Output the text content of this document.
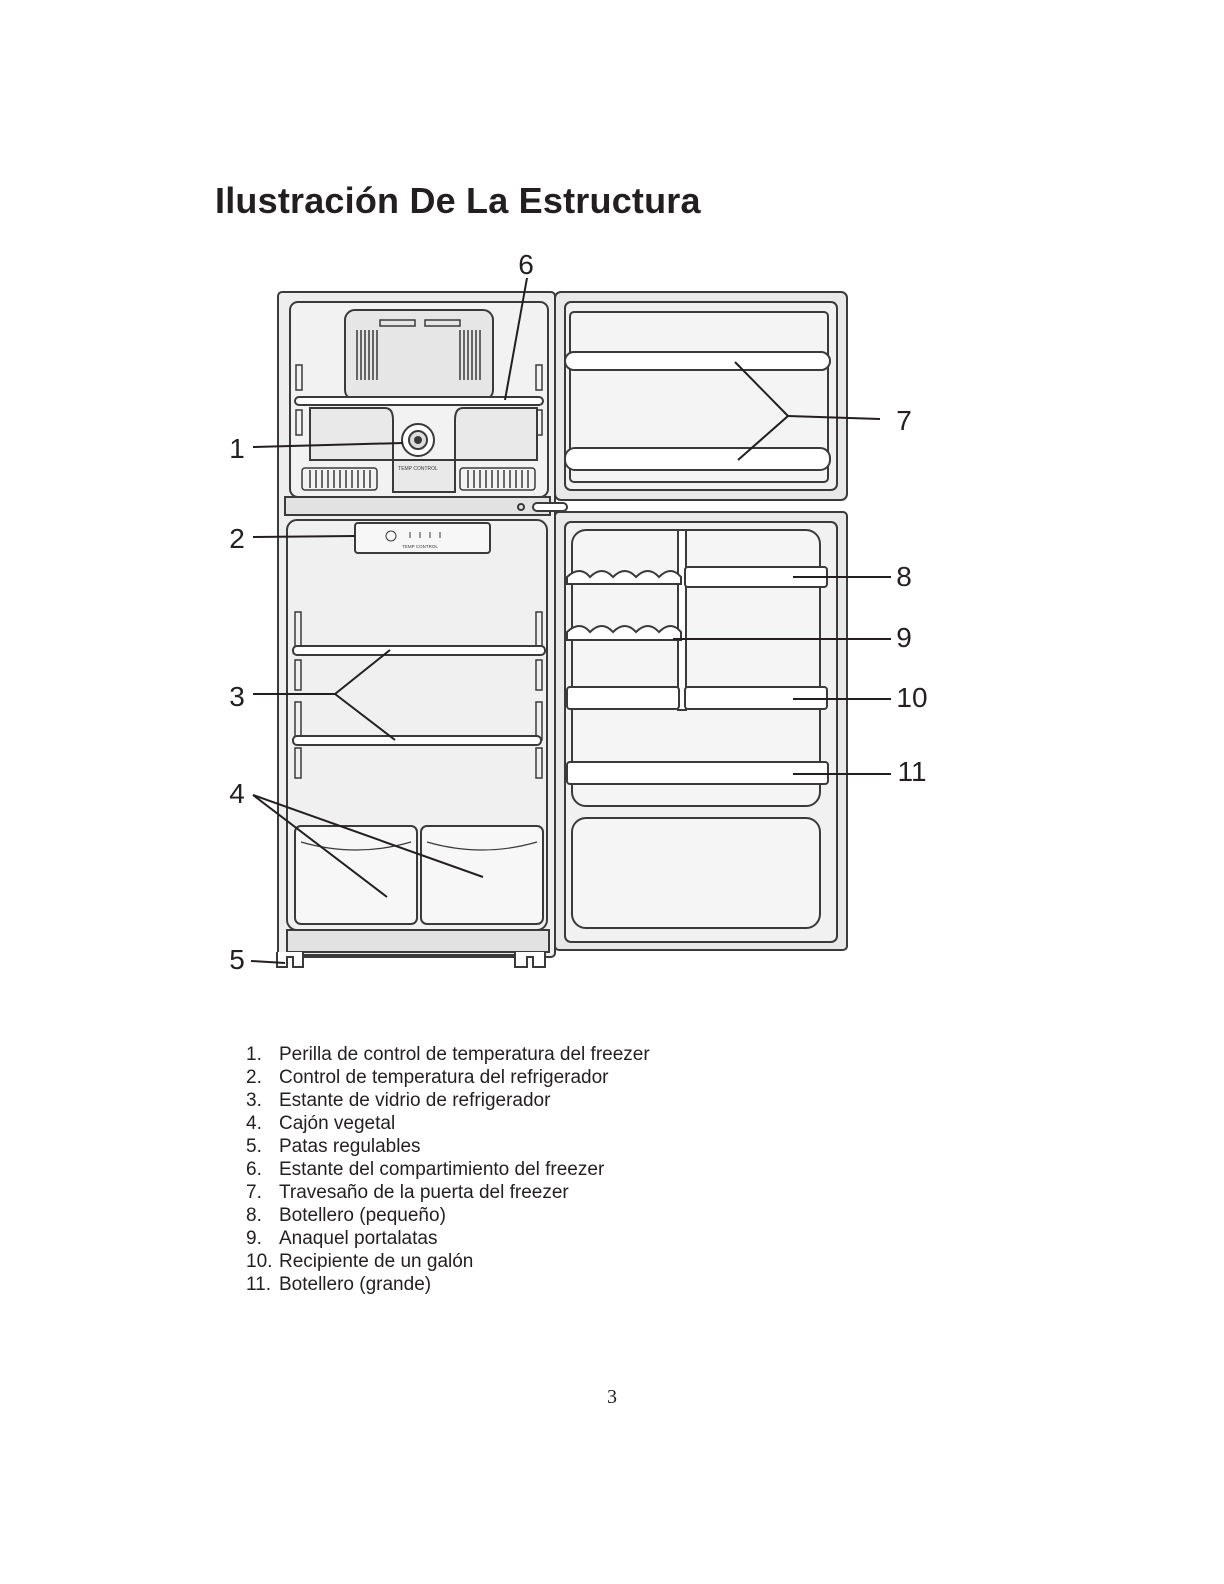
Ilustración De La Estructura
TEMP CONTROL
TEMP CONTROL
1
2
3
4
5
6
7
8
9
10
11
1. Perilla de control de temperatura del freezer
2. Control de temperatura del refrigerador
3. Estante de vidrio de refrigerador
4. Cajón vegetal
5. Patas regulables
6. Estante del compartimiento del freezer
7. Travesaño de la puerta del freezer
8. Botellero (pequeño)
9. Anaquel portalatas
10. Recipiente de un galón
11. Botellero (grande)
3
